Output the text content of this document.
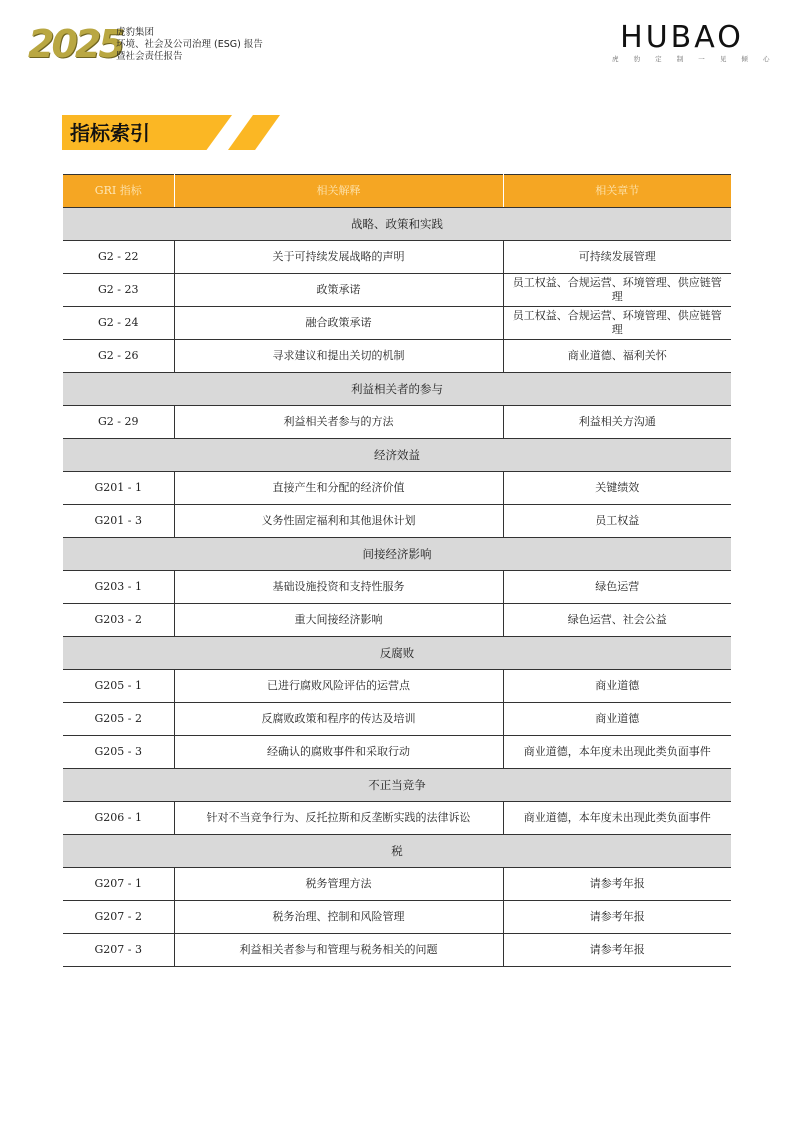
2025
虎豹集团
环境、社会及公司治理 (ESG) 报告
暨社会责任报告
HUBAO
虎 豹 定 制 一 见 倾 心
指标索引
GRI 指标	相关解释	相关章节
战略、政策和实践		
G2 - 22	关于可持续发展战略的声明	可持续发展管理
G2 - 23	政策承诺	员工权益、合规运营、环境管理、供应链管理
G2 - 24	融合政策承诺	员工权益、合规运营、环境管理、供应链管理
G2 - 26	寻求建议和提出关切的机制	商业道德、福利关怀
利益相关者的参与		
G2 - 29	利益相关者参与的方法	利益相关方沟通
经济效益		
G201 - 1	直接产生和分配的经济价值	关键绩效
G201 - 3	义务性固定福利和其他退休计划	员工权益
间接经济影响		
G203 - 1	基础设施投资和支持性服务	绿色运营
G203 - 2	重大间接经济影响	绿色运营、社会公益
反腐败		
G205 - 1	已进行腐败风险评估的运营点	商业道德
G205 - 2	反腐败政策和程序的传达及培训	商业道德
G205 - 3	经确认的腐败事件和采取行动	商业道德，本年度未出现此类负面事件
不正当竞争		
G206 - 1	针对不当竞争行为、反托拉斯和反垄断实践的法律诉讼	商业道德，本年度未出现此类负面事件
税		
G207 - 1	税务管理方法	请参考年报
G207 - 2	税务治理、控制和风险管理	请参考年报
G207 - 3	利益相关者参与和管理与税务相关的问题	请参考年报
